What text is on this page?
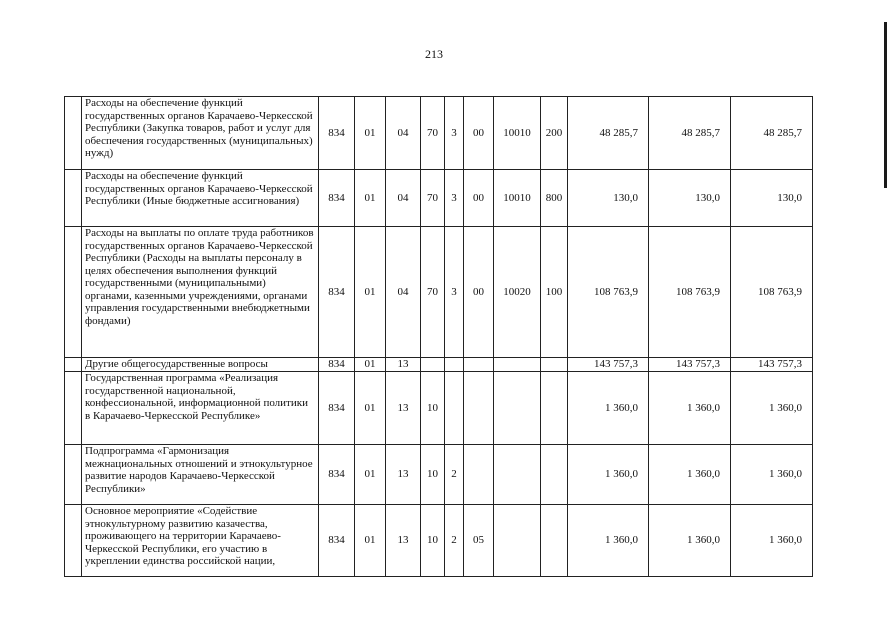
213
	Расходы на обеспечение функций государственных органов Карачаево-Черкесской Республики (Закупка товаров, работ и услуг для обеспечения государственных (муниципальных) нужд)	834	01	04	70	3	00	10010	200	48 285,7	48 285,7	48 285,7
	Расходы на обеспечение функций государственных органов Карачаево-Черкесской Республики (Иные бюджетные ассигнования)	834	01	04	70	3	00	10010	800	130,0	130,0	130,0
	Расходы на выплаты по оплате труда работников государственных органов Карачаево-Черкесской Республики (Расходы на выплаты персоналу в целях обеспечения выполнения функций государственными (муниципальными) органами, казенными учреждениями, органами управления государственными внебюджетными фондами)	834	01	04	70	3	00	10020	100	108 763,9	108 763,9	108 763,9
	Другие общегосударственные вопросы	834	01	13						143 757,3	143 757,3	143 757,3
	Государственная программа «Реализация государственной национальной, конфессиональной, информационной политики в Карачаево-Черкесской Республике»	834	01	13	10					1 360,0	1 360,0	1 360,0
	Подпрограмма «Гармонизация межнациональных отношений и этнокультурное развитие народов Карачаево-Черкесской Республики»	834	01	13	10	2				1 360,0	1 360,0	1 360,0
	Основное мероприятие «Содействие этнокультурному развитию казачества, проживающего на территории Карачаево-Черкесской Республики, его участию в укреплении единства российской нации,	834	01	13	10	2	05			1 360,0	1 360,0	1 360,0
